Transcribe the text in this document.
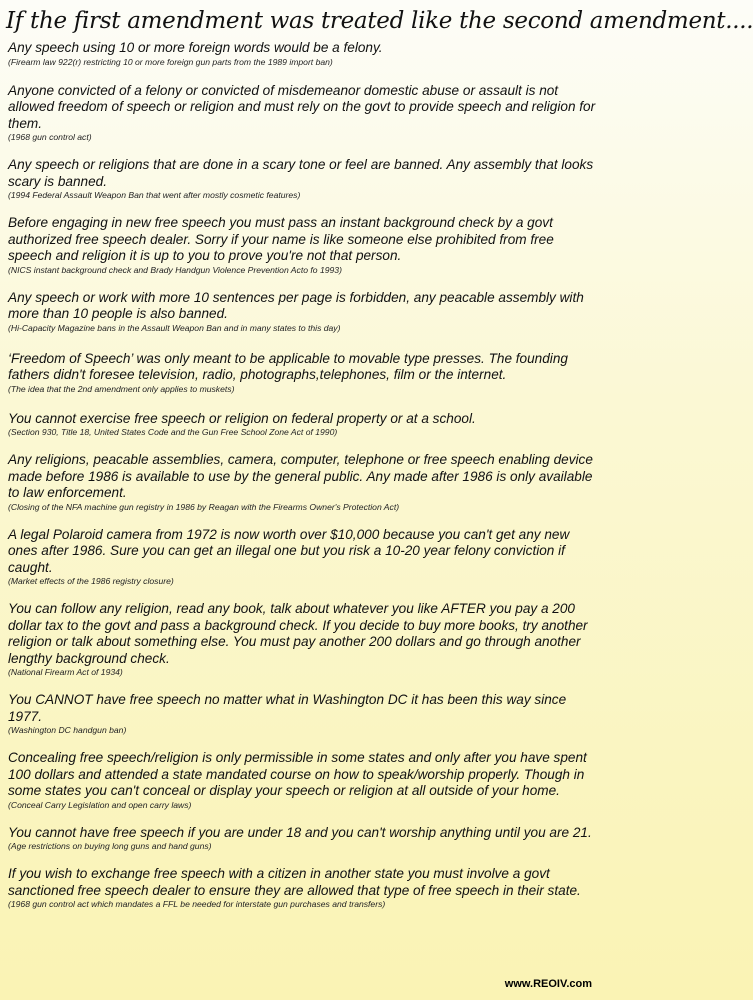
If the first amendment was treated like the second amendment....
Any speech using 10 or more foreign words would be a felony.
(Firearm law 922(r) restricting 10 or more foreign gun parts from the 1989 import ban)
Anyone convicted of a felony or convicted of misdemeanor domestic abuse or assault is not allowed freedom of speech or religion and must rely on the govt to provide speech and religion for them.
(1968 gun control act)
Any speech or religions that are done in a scary tone or feel are banned. Any assembly that looks scary is banned.
(1994 Federal Assault Weapon Ban that went after mostly cosmetic features)
Before engaging in new free speech you must pass an instant background check by a govt authorized free speech dealer. Sorry if your name is like someone else prohibited from free speech and religion it is up to you to prove you're not that person.
(NICS instant background check and Brady Handgun Violence Prevention Acto fo 1993)
Any speech or work with more 10 sentences per page is forbidden, any peacable assembly with more than 10 people is also banned.
(Hi-Capacity Magazine bans in the Assault Weapon Ban and in many states to this day)
‘Freedom of Speech’ was only meant to be applicable to movable type presses. The founding fathers didn't foresee television, radio, photographs,telephones, film or the internet.
(The idea that the 2nd amendment only applies to muskets)
You cannot exercise free speech or religion on federal property or at a school.
(Section 930, Title 18, United States Code and the Gun Free School Zone Act of 1990)
Any religions, peacable assemblies, camera, computer, telephone or free speech enabling device made before 1986 is available to use by the general public. Any made after 1986 is only available to law enforcement.
(Closing of the NFA machine gun registry in 1986 by Reagan with the Firearms Owner's Protection Act)
A legal Polaroid camera from 1972 is now worth over $10,000 because you can't get any new ones after 1986. Sure you can get an illegal one but you risk a 10-20 year felony conviction if caught.
(Market effects of the 1986 registry closure)
You can follow any religion, read any book, talk about whatever you like AFTER you pay a 200 dollar tax to the govt and pass a background check. If you decide to buy more books, try another religion or talk about something else. You must pay another 200 dollars and go through another lengthy background check.
(National Firearm Act of 1934)
You CANNOT have free speech no matter what in Washington DC it has been this way since 1977.
(Washington DC handgun ban)
Concealing free speech/religion is only permissible in some states and only after you have spent 100 dollars and attended a state mandated course on how to speak/worship properly. Though in some states you can't conceal or display your speech or religion at all outside of your home.
(Conceal Carry Legislation and open carry laws)
You cannot have free speech if you are under 18 and you can't worship anything until you are 21.
(Age restrictions on buying long guns and hand guns)
If you wish to exchange free speech with a citizen in another state you must involve a govt sanctioned free speech dealer to ensure they are allowed that type of free speech in their state.
(1968 gun control act which mandates a FFL be needed for interstate gun purchases and transfers)
www.REOIV.com
